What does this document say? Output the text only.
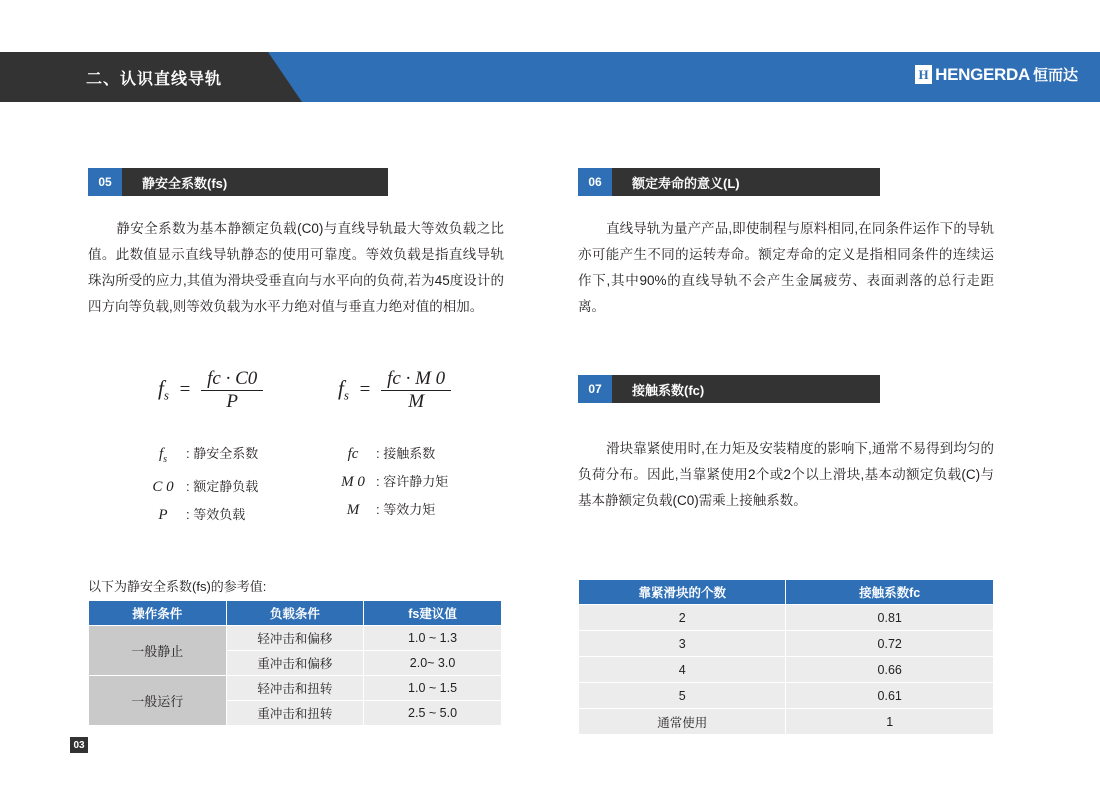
二、认识直线导轨	H HENGERDA 恒而达
05	静安全系数(fs)
静安全系数为基本静额定负载(C0)与直线导轨最大等效负载之比值。此数值显示直线导轨静态的使用可靠度。等效负载是指直线导轨珠沟所受的应力,其值为滑块受垂直向与水平向的负荷,若为45度设计的四方向等负载,则等效负载为水平力绝对值与垂直力绝对值的相加。
$f_s = \frac{fc \cdot C0}{P}$	$f_s = \frac{fc \cdot M 0}{M}$
$f_s$ : 静安全系数
C 0 : 额定静负载
P : 等效负载
fc : 接触系数
M 0 : 容许静力矩
M : 等效力矩
06	额定寿命的意义(L)
直线导轨为量产产品,即使制程与原料相同,在同条件运作下的导轨亦可能产生不同的运转寿命。额定寿命的定义是指相同条件的连续运作下,其中90%的直线导轨不会产生金属疲劳、表面剥落的总行走距离。
07	接触系数(fc)
滑块靠紧使用时,在力矩及安装精度的影响下,通常不易得到均匀的负荷分布。因此,当靠紧使用2个或2个以上滑块,基本动额定负载(C)与基本静额定负载(C0)需乘上接触系数。
以下为静安全系数(fs)的参考值:
操作条件	负载条件	fs建议值
一般静止	轻冲击和偏移	1.0 ~ 1.3
	重冲击和偏移	2.0~ 3.0
一般运行	轻冲击和扭转	1.0 ~ 1.5
	重冲击和扭转	2.5 ~ 5.0
靠紧滑块的个数	接触系数fc
2	0.81
3	0.72
4	0.66
5	0.61
通常使用	1
03
